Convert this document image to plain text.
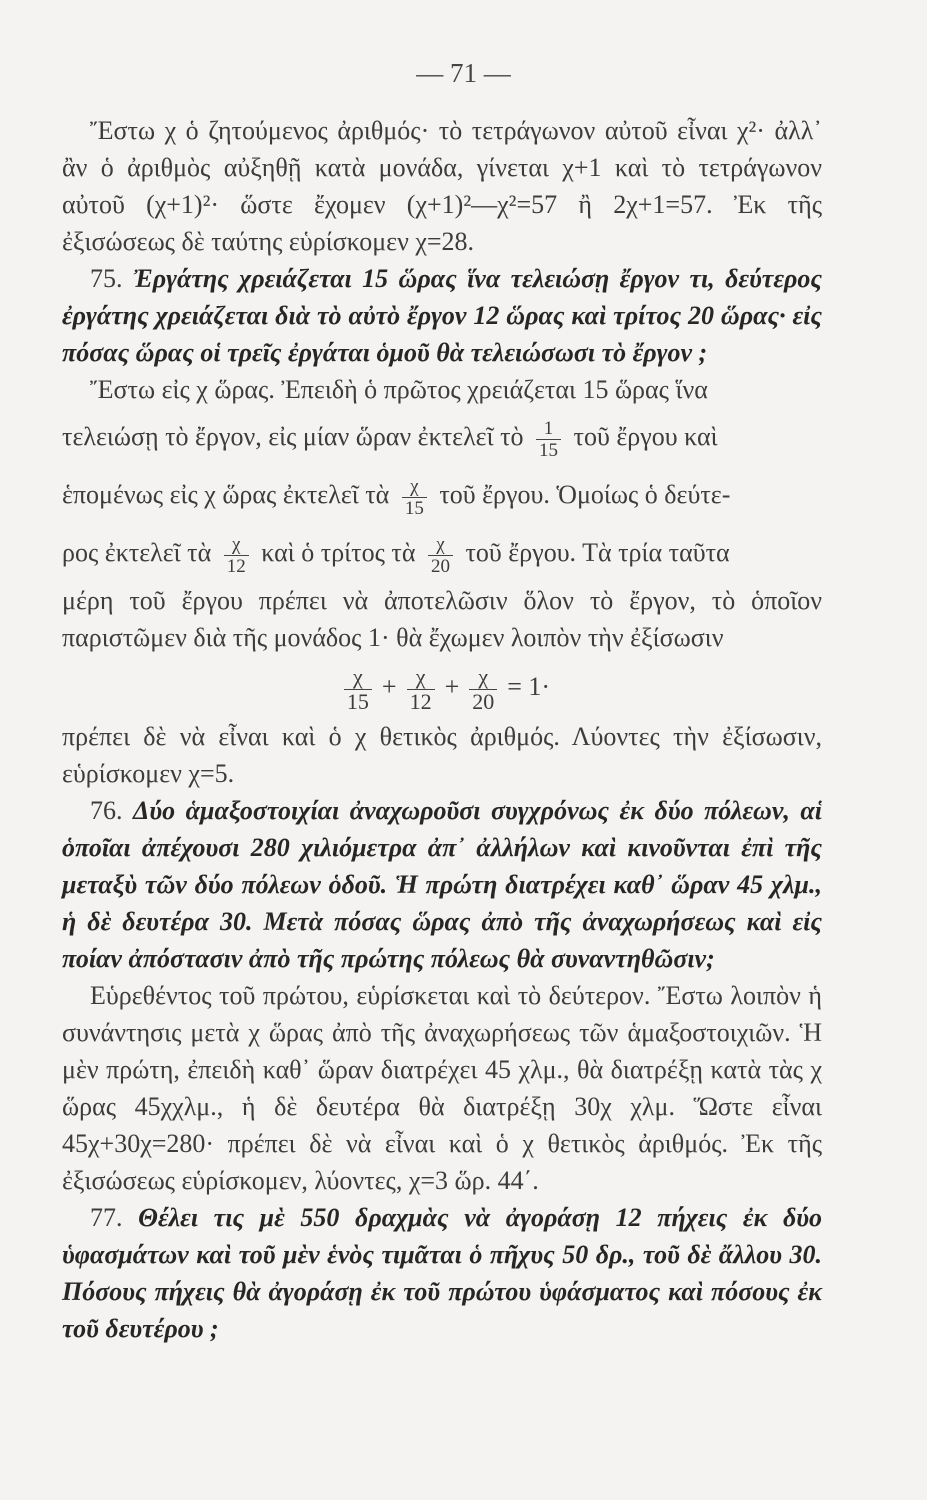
— 71 —

Ἔστω χ ὁ ζητούμενος ἀριθμός· τὸ τετράγωνον αὐτοῦ εἶναι χ²· ἀλλ᾽ ἂν ὁ ἀριθμὸς αὐξηθῇ κατὰ μονάδα, γίνεται χ+1 καὶ τὸ τετράγωνον αὐτοῦ (χ+1)²· ὥστε ἔχομεν (χ+1)²—χ²=57 ἢ 2χ+1=57. Ἐκ τῆς ἐξισώσεως δὲ ταύτης εὑρίσκομεν χ=28.

75. Ἐργάτης χρειάζεται 15 ὥρας ἵνα τελειώσῃ ἔργον τι, δεύτερος ἐργάτης χρειάζεται διὰ τὸ αὐτὸ ἔργον 12 ὥρας καὶ τρίτος 20 ὥρας· εἰς πόσας ὥρας οἱ τρεῖς ἐργάται ὁμοῦ θὰ τελειώσωσι τὸ ἔργον ;

Ἔστω εἰς χ ὥρας. Ἐπειδὴ ὁ πρῶτος χρειάζεται 15 ὥρας ἵνα

τελειώσῃ τὸ ἔργον, εἰς μίαν ὥραν ἐκτελεῖ τὸ $\frac{1}{15}$ τοῦ ἔργου καὶ

ἑπομένως εἰς χ ὥρας ἐκτελεῖ τὰ $\frac{\chi}{15}$ τοῦ ἔργου. Ὁμοίως ὁ δεύτε-

ρος ἐκτελεῖ τὰ $\frac{\chi}{12}$ καὶ ὁ τρίτος τὰ $\frac{\chi}{20}$ τοῦ ἔργου. Τὰ τρία ταῦτα

μέρη τοῦ ἔργου πρέπει νὰ ἀποτελῶσιν ὅλον τὸ ἔργον, τὸ ὁποῖον παριστῶμεν διὰ τῆς μονάδος 1· θὰ ἔχωμεν λοιπὸν τὴν ἐξίσωσιν

$\frac{\chi}{15} + \frac{\chi}{12} + \frac{\chi}{20} = 1\cdot$

πρέπει δὲ νὰ εἶναι καὶ ὁ χ θετικὸς ἀριθμός. Λύοντες τὴν ἐξίσωσιν, εὑρίσκομεν χ=5.

76. Δύο ἁμαξοστοιχίαι ἀναχωροῦσι συγχρόνως ἐκ δύο πόλεων, αἱ ὁποῖαι ἀπέχουσι 280 χιλιόμετρα ἀπ᾽ ἀλλήλων καὶ κινοῦνται ἐπὶ τῆς μεταξὺ τῶν δύο πόλεων ὁδοῦ. Ἡ πρώτη διατρέχει καθ᾽ ὥραν 45 χλμ., ἡ δὲ δευτέρα 30. Μετὰ πόσας ὥρας ἀπὸ τῆς ἀναχωρήσεως καὶ εἰς ποίαν ἀπόστασιν ἀπὸ τῆς πρώτης πόλεως θὰ συναντηθῶσιν;

Εὑρεθέντος τοῦ πρώτου, εὑρίσκεται καὶ τὸ δεύτερον. Ἔστω λοιπὸν ἡ συνάντησις μετὰ χ ὥρας ἀπὸ τῆς ἀναχωρήσεως τῶν ἁμαξοστοιχιῶν. Ἡ μὲν πρώτη, ἐπειδὴ καθ᾽ ὥραν διατρέχει 45 χλμ., θὰ διατρέξῃ κατὰ τὰς χ ὥρας 45χχλμ., ἡ δὲ δευτέρα θὰ διατρέξῃ 30χ χλμ. Ὥστε εἶναι 45χ+30χ=280· πρέπει δὲ νὰ εἶναι καὶ ὁ χ θετικὸς ἀριθμός. Ἐκ τῆς ἐξισώσεως εὑρίσκομεν, λύοντες, χ=3 ὥρ. 44΄.

77. Θέλει τις μὲ 550 δραχμὰς νὰ ἀγοράσῃ 12 πήχεις ἐκ δύο ὑφασμάτων καὶ τοῦ μὲν ἑνὸς τιμᾶται ὁ πῆχυς 50 δρ., τοῦ δὲ ἄλλου 30. Πόσους πήχεις θὰ ἀγοράσῃ ἐκ τοῦ πρώτου ὑφάσματος καὶ πόσους ἐκ τοῦ δευτέρου ;
